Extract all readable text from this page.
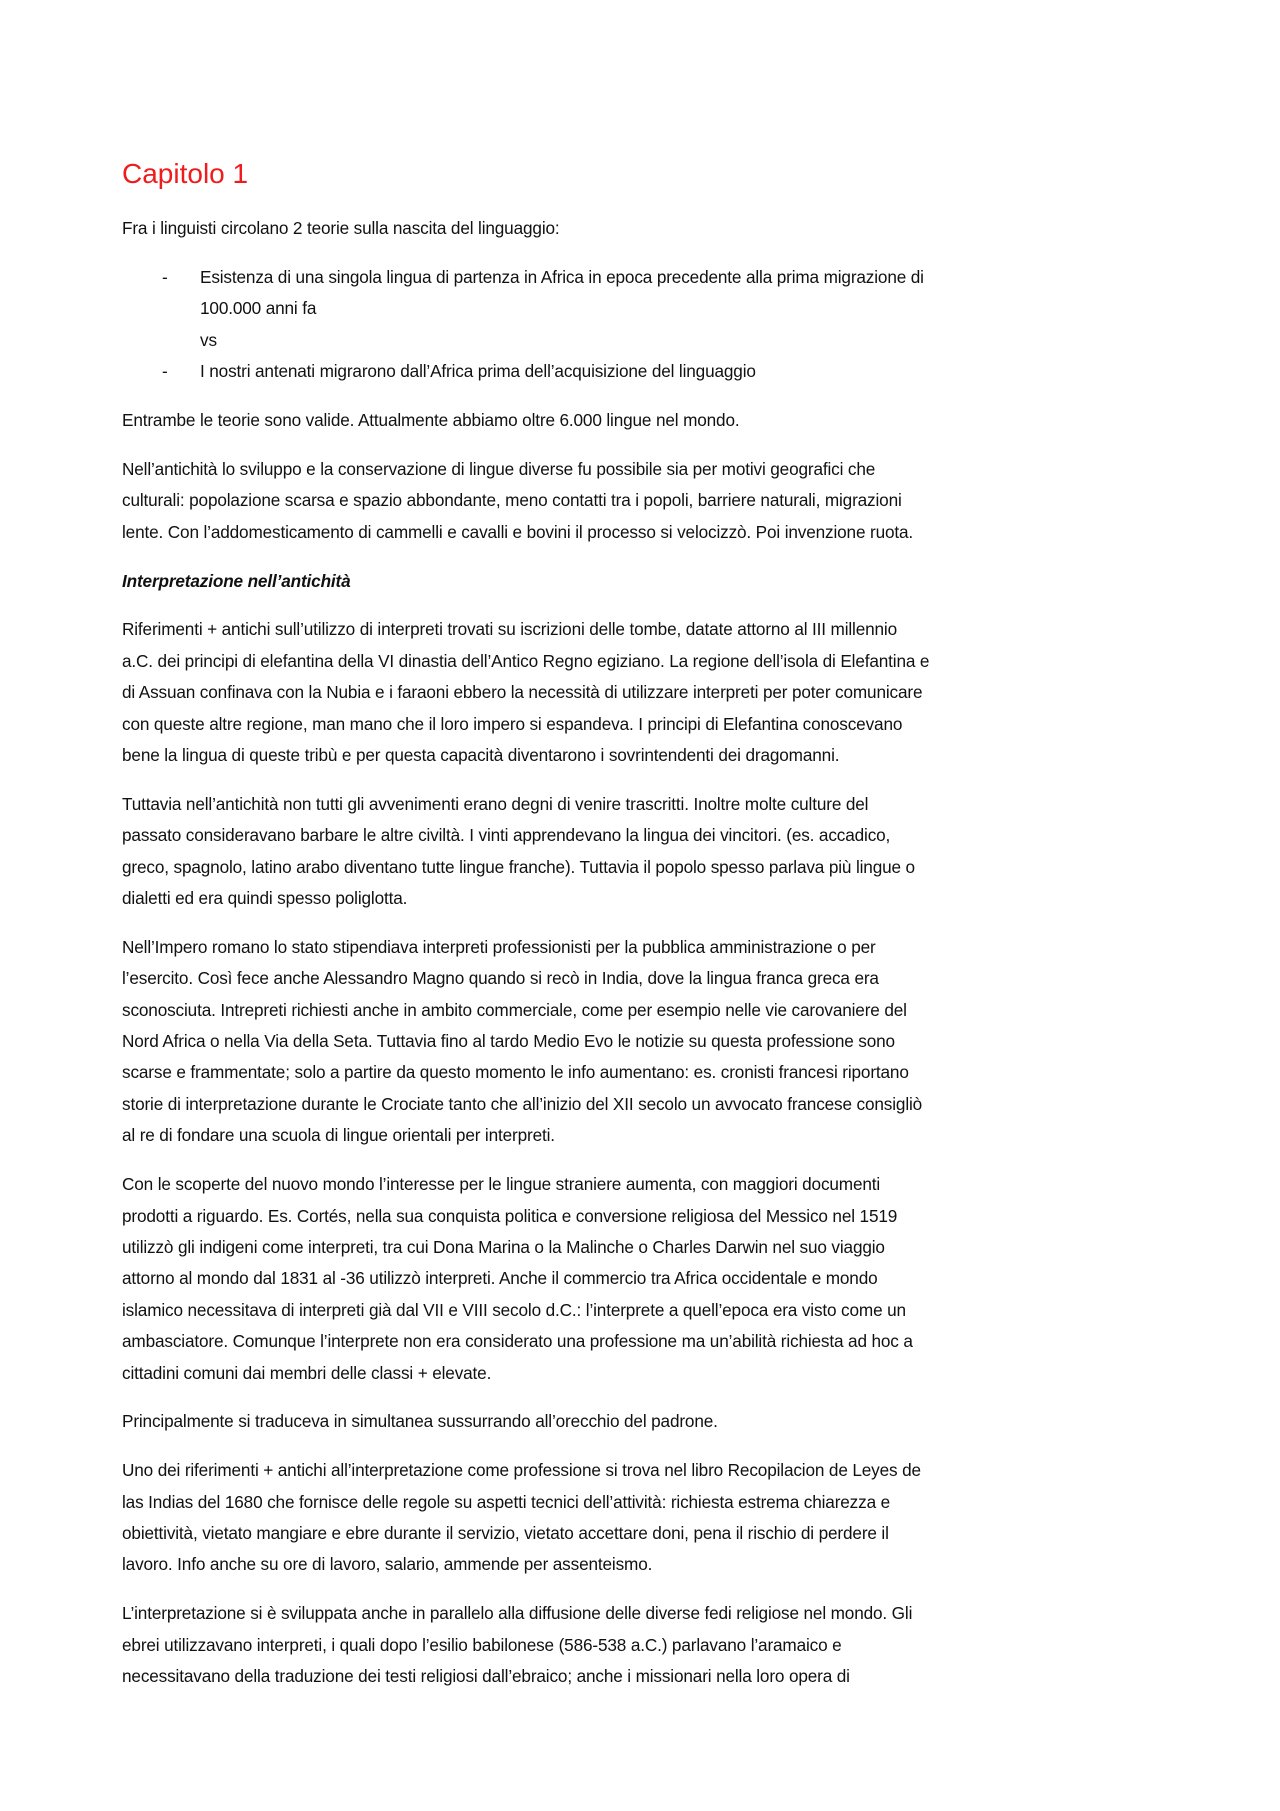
Capitolo 1
Fra i linguisti circolano 2 teorie sulla nascita del linguaggio:
- Esistenza di una singola lingua di partenza in Africa in epoca precedente alla prima migrazione di
100.000 anni fa
vs
- I nostri antenati migrarono dall’Africa prima dell’acquisizione del linguaggio
Entrambe le teorie sono valide. Attualmente abbiamo oltre 6.000 lingue nel mondo.
Nell’antichità lo sviluppo e la conservazione di lingue diverse fu possibile sia per motivi geografici che
culturali: popolazione scarsa e spazio abbondante, meno contatti tra i popoli, barriere naturali, migrazioni
lente. Con l’addomesticamento di cammelli e cavalli e bovini il processo si velocizzò. Poi invenzione ruota.
Interpretazione nell’antichità
Riferimenti + antichi sull’utilizzo di interpreti trovati su iscrizioni delle tombe, datate attorno al III millennio
a.C. dei principi di elefantina della VI dinastia dell’Antico Regno egiziano. La regione dell’isola di Elefantina e
di Assuan confinava con la Nubia e i faraoni ebbero la necessità di utilizzare interpreti per poter comunicare
con queste altre regione, man mano che il loro impero si espandeva. I principi di Elefantina conoscevano
bene la lingua di queste tribù e per questa capacità diventarono i sovrintendenti dei dragomanni.
Tuttavia nell’antichità non tutti gli avvenimenti erano degni di venire trascritti. Inoltre molte culture del
passato consideravano barbare le altre civiltà. I vinti apprendevano la lingua dei vincitori. (es. accadico,
greco, spagnolo, latino arabo diventano tutte lingue franche). Tuttavia il popolo spesso parlava più lingue o
dialetti ed era quindi spesso poliglotta.
Nell’Impero romano lo stato stipendiava interpreti professionisti per la pubblica amministrazione o per
l’esercito. Così fece anche Alessandro Magno quando si recò in India, dove la lingua franca greca era
sconosciuta. Intrepreti richiesti anche in ambito commerciale, come per esempio nelle vie carovaniere del
Nord Africa o nella Via della Seta. Tuttavia fino al tardo Medio Evo le notizie su questa professione sono
scarse e frammentate; solo a partire da questo momento le info aumentano: es. cronisti francesi riportano
storie di interpretazione durante le Crociate tanto che all’inizio del XII secolo un avvocato francese consigliò
al re di fondare una scuola di lingue orientali per interpreti.
Con le scoperte del nuovo mondo l’interesse per le lingue straniere aumenta, con maggiori documenti
prodotti a riguardo. Es. Cortés, nella sua conquista politica e conversione religiosa del Messico nel 1519
utilizzò gli indigeni come interpreti, tra cui Dona Marina o la Malinche o Charles Darwin nel suo viaggio
attorno al mondo dal 1831 al -36 utilizzò interpreti. Anche il commercio tra Africa occidentale e mondo
islamico necessitava di interpreti già dal VII e VIII secolo d.C.: l’interprete a quell’epoca era visto come un
ambasciatore. Comunque l’interprete non era considerato una professione ma un’abilità richiesta ad hoc a
cittadini comuni dai membri delle classi + elevate.
Principalmente si traduceva in simultanea sussurrando all’orecchio del padrone.
Uno dei riferimenti + antichi all’interpretazione come professione si trova nel libro Recopilacion de Leyes de
las Indias del 1680 che fornisce delle regole su aspetti tecnici dell’attività: richiesta estrema chiarezza e
obiettività, vietato mangiare e ebre durante il servizio, vietato accettare doni, pena il rischio di perdere il
lavoro. Info anche su ore di lavoro, salario, ammende per assenteismo.
L’interpretazione si è sviluppata anche in parallelo alla diffusione delle diverse fedi religiose nel mondo. Gli
ebrei utilizzavano interpreti, i quali dopo l’esilio babilonese (586-538 a.C.) parlavano l’aramaico e
necessitavano della traduzione dei testi religiosi dall’ebraico; anche i missionari nella loro opera di
